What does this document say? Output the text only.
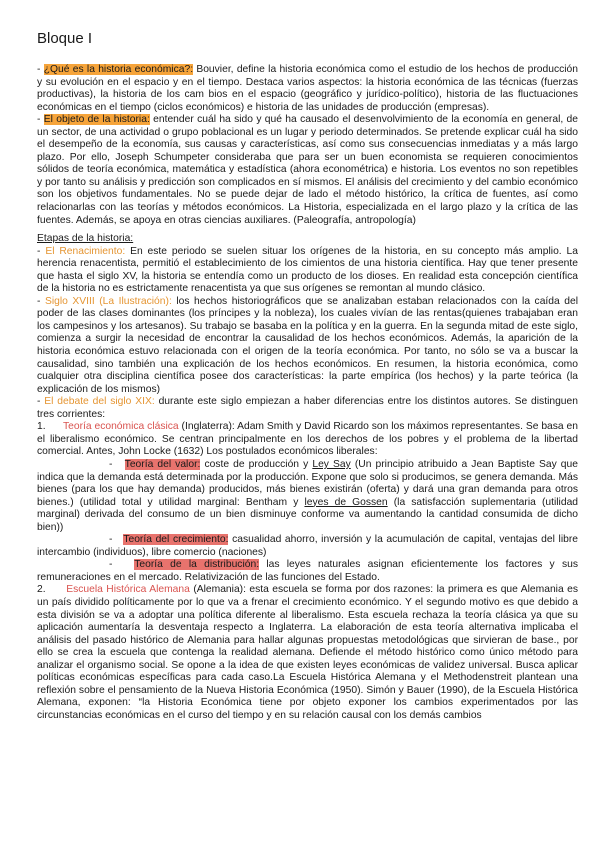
Bloque I

- ¿Qué es la historia económica?: Bouvier, define la historia económica como el estudio de los hechos de producción y su evolución en el espacio y en el tiempo. Destaca varios aspectos: la historia económica de las técnicas (fuerzas productivas), la historia de los cam bios en el espacio (geográfico y jurídico-político), historia de las fluctuaciones económicas en el tiempo (ciclos económicos) e historia de las unidades de producción (empresas).

- El objeto de la historia: entender cuál ha sido y qué ha causado el desenvolvimiento de la economía en general, de un sector, de una actividad o grupo poblacional es un lugar y periodo determinados. Se pretende explicar cuál ha sido el desempeño de la economía, sus causas y características, así como sus consecuencias inmediatas y a más largo plazo. Por ello, Joseph Schumpeter consideraba que para ser un buen economista se requieren conocimientos sólidos de teoría económica, matemática y estadística (ahora econométrica) e historia. Los eventos no son repetibles y por tanto su análisis y predicción son complicados en sí mismos. El análisis del crecimiento y del cambio económico son los objetivos fundamentales. No se puede dejar de lado el método histórico, la crítica de fuentes, así como relacionarlas con las teorías y métodos económicos. La Historia, especializada en el largo plazo y la crítica de las fuentes. Además, se apoya en otras ciencias auxiliares. (Paleografía, antropología)

Etapas de la historia:

- El Renacimiento: En este periodo se suelen situar los orígenes de la historia, en su concepto más amplio. La herencia renacentista, permitió el establecimiento de los cimientos de una historia científica. Hay que tener presente que hasta el siglo XV, la historia se entendía como un producto de los dioses. En realidad esta concepción científica de la historia no es estrictamente renacentista ya que sus orígenes se remontan al mundo clásico.

- Siglo XVIII (La Ilustración): los hechos historiográficos que se analizaban estaban relacionados con la caída del poder de las clases dominantes (los príncipes y la nobleza), los cuales vivían de las rentas(quienes trabajaban eran los campesinos y los artesanos). Su trabajo se basaba en la política y en la guerra. En la segunda mitad de este siglo, comienza a surgir la necesidad de encontrar la causalidad de los hechos económicos. Además, la aparición de la historia económica estuvo relacionada con el origen de la teoría económica. Por tanto, no sólo se va a buscar la causalidad, sino también una explicación de los hechos económicos. En resumen, la historia económica, como cualquier otra disciplina científica posee dos características: la parte empírica (los hechos) y la parte teórica (la explicación de los mismos)

- El debate del siglo XIX: durante este siglo empiezan a haber diferencias entre los distintos autores. Se distinguen tres corrientes:

1. Teoría económica clásica (Inglaterra): Adam Smith y David Ricardo son los máximos representantes. Se basa en el liberalismo económico. Se centran principalmente en los derechos de los pobres y el problema de la libertad comercial. Antes, John Locke (1632) Los postulados económicos liberales:

- Teoría del valor: coste de producción y Ley Say (Un principio atribuido a Jean Baptiste Say que indica que la demanda está determinada por la producción. Expone que solo si producimos, se genera demanda. Más bienes (para los que hay demanda) producidos, más bienes existirán (oferta) y dará una gran demanda para otros bienes.) (utilidad total y utilidad marginal: Bentham y leyes de Gossen (la satisfacción suplementaria (utilidad marginal) derivada del consumo de un bien disminuye conforme va aumentando la cantidad consumida de dicho bien))

- Teoría del crecimiento: casualidad ahorro, inversión y la acumulación de capital, ventajas del libre intercambio (individuos), libre comercio (naciones)

- Teoría de la distribución: las leyes naturales asignan eficientemente los factores y sus remuneraciones en el mercado. Relativización de las funciones del Estado.

2. Escuela Histórica Alemana (Alemania): esta escuela se forma por dos razones: la primera es que Alemania es un país dividido políticamente por lo que va a frenar el crecimiento económico. Y el segundo motivo es que debido a esta división se va a adoptar una política diferente al liberalismo. Esta escuela rechaza la teoría clásica ya que su aplicación aumentaría la desventaja respecto a Inglaterra. La elaboración de esta teoría alternativa implicaba el análisis del pasado histórico de Alemania para hallar algunas propuestas metodológicas que sirvieran de base., por ello se crea la escuela que contenga la realidad alemana. Defiende el método histórico como único método para analizar el organismo social. Se opone a la idea de que existen leyes económicas de validez universal. Busca aplicar políticas económicas específicas para cada caso.La Escuela Histórica Alemana y el Methodenstreit plantean una reflexión sobre el pensamiento de la Nueva Historia Económica (1950). Simón y Bauer (1990), de la Escuela Histórica Alemana, exponen: “la Historia Económica tiene por objeto exponer los cambios experimentados por las circunstancias económicas en el curso del tiempo y en su relación causal con los demás cambios
